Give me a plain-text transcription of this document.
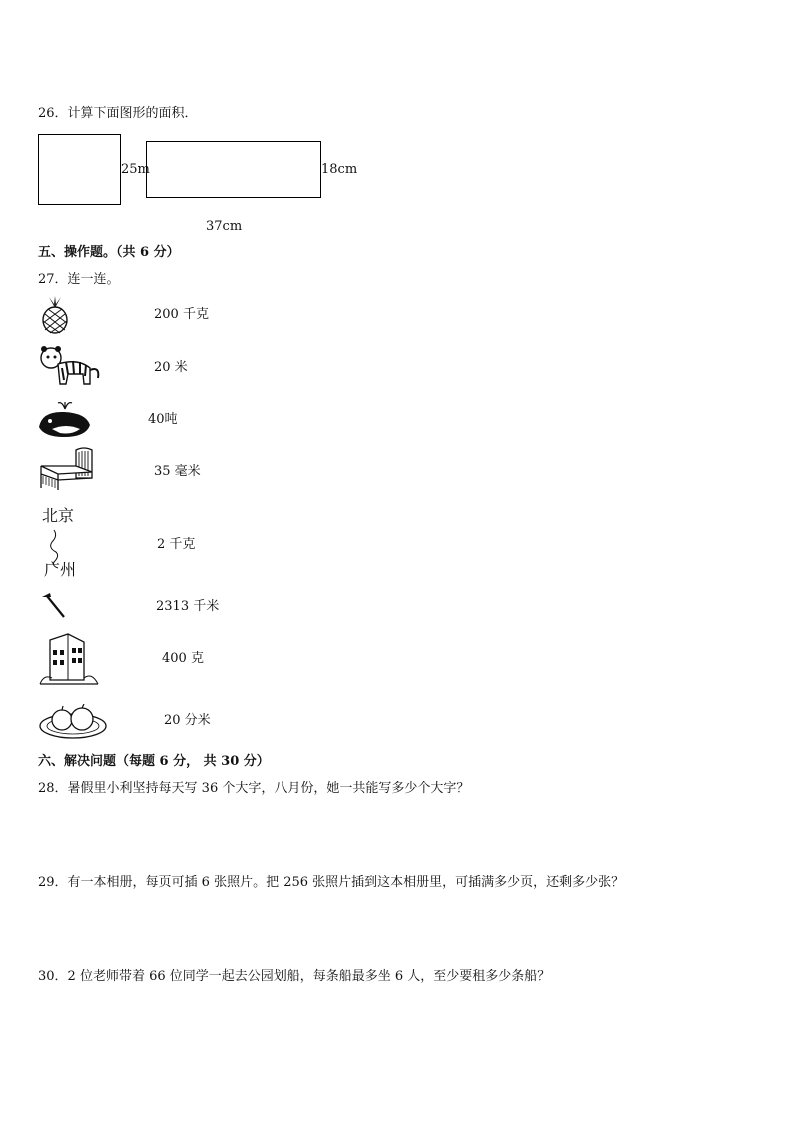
26．计算下面图形的面积．
25m	18cm
37cm
五、操作题。（共 6 分）
27．连一连。
200 千克
20 米
40吨
35 毫米
北京
广州
2 千克
2313 千米
400 克
20 分米
六、解决问题（每题 6 分， 共 30 分）
28．暑假里小利坚持每天写 36 个大字，八月份，她一共能写多少个大字？
29．有一本相册，每页可插 6 张照片。把 256 张照片插到这本相册里，可插满多少页，还剩多少张？
30．2 位老师带着 66 位同学一起去公园划船，每条船最多坐 6 人，至少要租多少条船？
